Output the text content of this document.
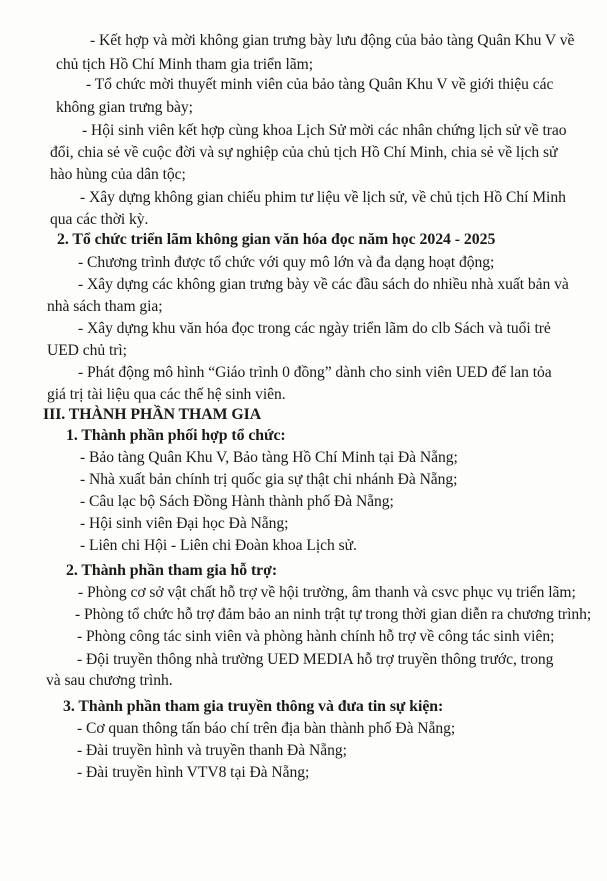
- Kết hợp và mời không gian trưng bày lưu động của bảo tàng Quân Khu V về
chủ tịch Hồ Chí Minh tham gia triển lãm;
- Tổ chức mời thuyết minh viên của bảo tàng Quân Khu V về giới thiệu các
không gian trưng bày;
- Hội sinh viên kết hợp cùng khoa Lịch Sử mời các nhân chứng lịch sử về trao
đổi, chia sẻ về cuộc đời và sự nghiệp của chủ tịch Hồ Chí Minh, chia sẻ về lịch sử
hào hùng của dân tộc;
- Xây dựng không gian chiếu phim tư liệu về lịch sử, về chủ tịch Hồ Chí Minh
qua các thời kỳ.
2. Tổ chức triển lãm không gian văn hóa đọc năm học 2024 - 2025
- Chương trình được tổ chức với quy mô lớn và đa dạng hoạt động;
- Xây dựng các không gian trưng bày về các đầu sách do nhiều nhà xuất bản và
nhà sách tham gia;
- Xây dựng khu văn hóa đọc trong các ngày triển lãm do clb Sách và tuổi trẻ
UED chủ trì;
- Phát động mô hình “Giáo trình 0 đồng” dành cho sinh viên UED để lan tỏa
giá trị tài liệu qua các thế hệ sinh viên.
III. THÀNH PHẦN THAM GIA
1. Thành phần phối hợp tổ chức:
- Bảo tàng Quân Khu V, Bảo tàng Hồ Chí Minh tại Đà Nẵng;
- Nhà xuất bản chính trị quốc gia sự thật chi nhánh Đà Nẵng;
- Câu lạc bộ Sách Đồng Hành thành phố Đà Nẵng;
- Hội sinh viên Đại học Đà Nẵng;
- Liên chi Hội - Liên chi Đoàn khoa Lịch sử.
2. Thành phần tham gia hỗ trợ:
- Phòng cơ sở vật chất hỗ trợ về hội trường, âm thanh và csvc phục vụ triển lãm;
- Phòng tổ chức hỗ trợ đảm bảo an ninh trật tự trong thời gian diễn ra chương trình;
- Phòng công tác sinh viên và phòng hành chính hỗ trợ về công tác sinh viên;
- Đội truyền thông nhà trường UED MEDIA hỗ trợ truyền thông trước, trong
và sau chương trình.
3. Thành phần tham gia truyền thông và đưa tin sự kiện:
- Cơ quan thông tấn báo chí trên địa bàn thành phố Đà Nẵng;
- Đài truyền hình và truyền thanh Đà Nẵng;
- Đài truyền hình VTV8 tại Đà Nẵng;
